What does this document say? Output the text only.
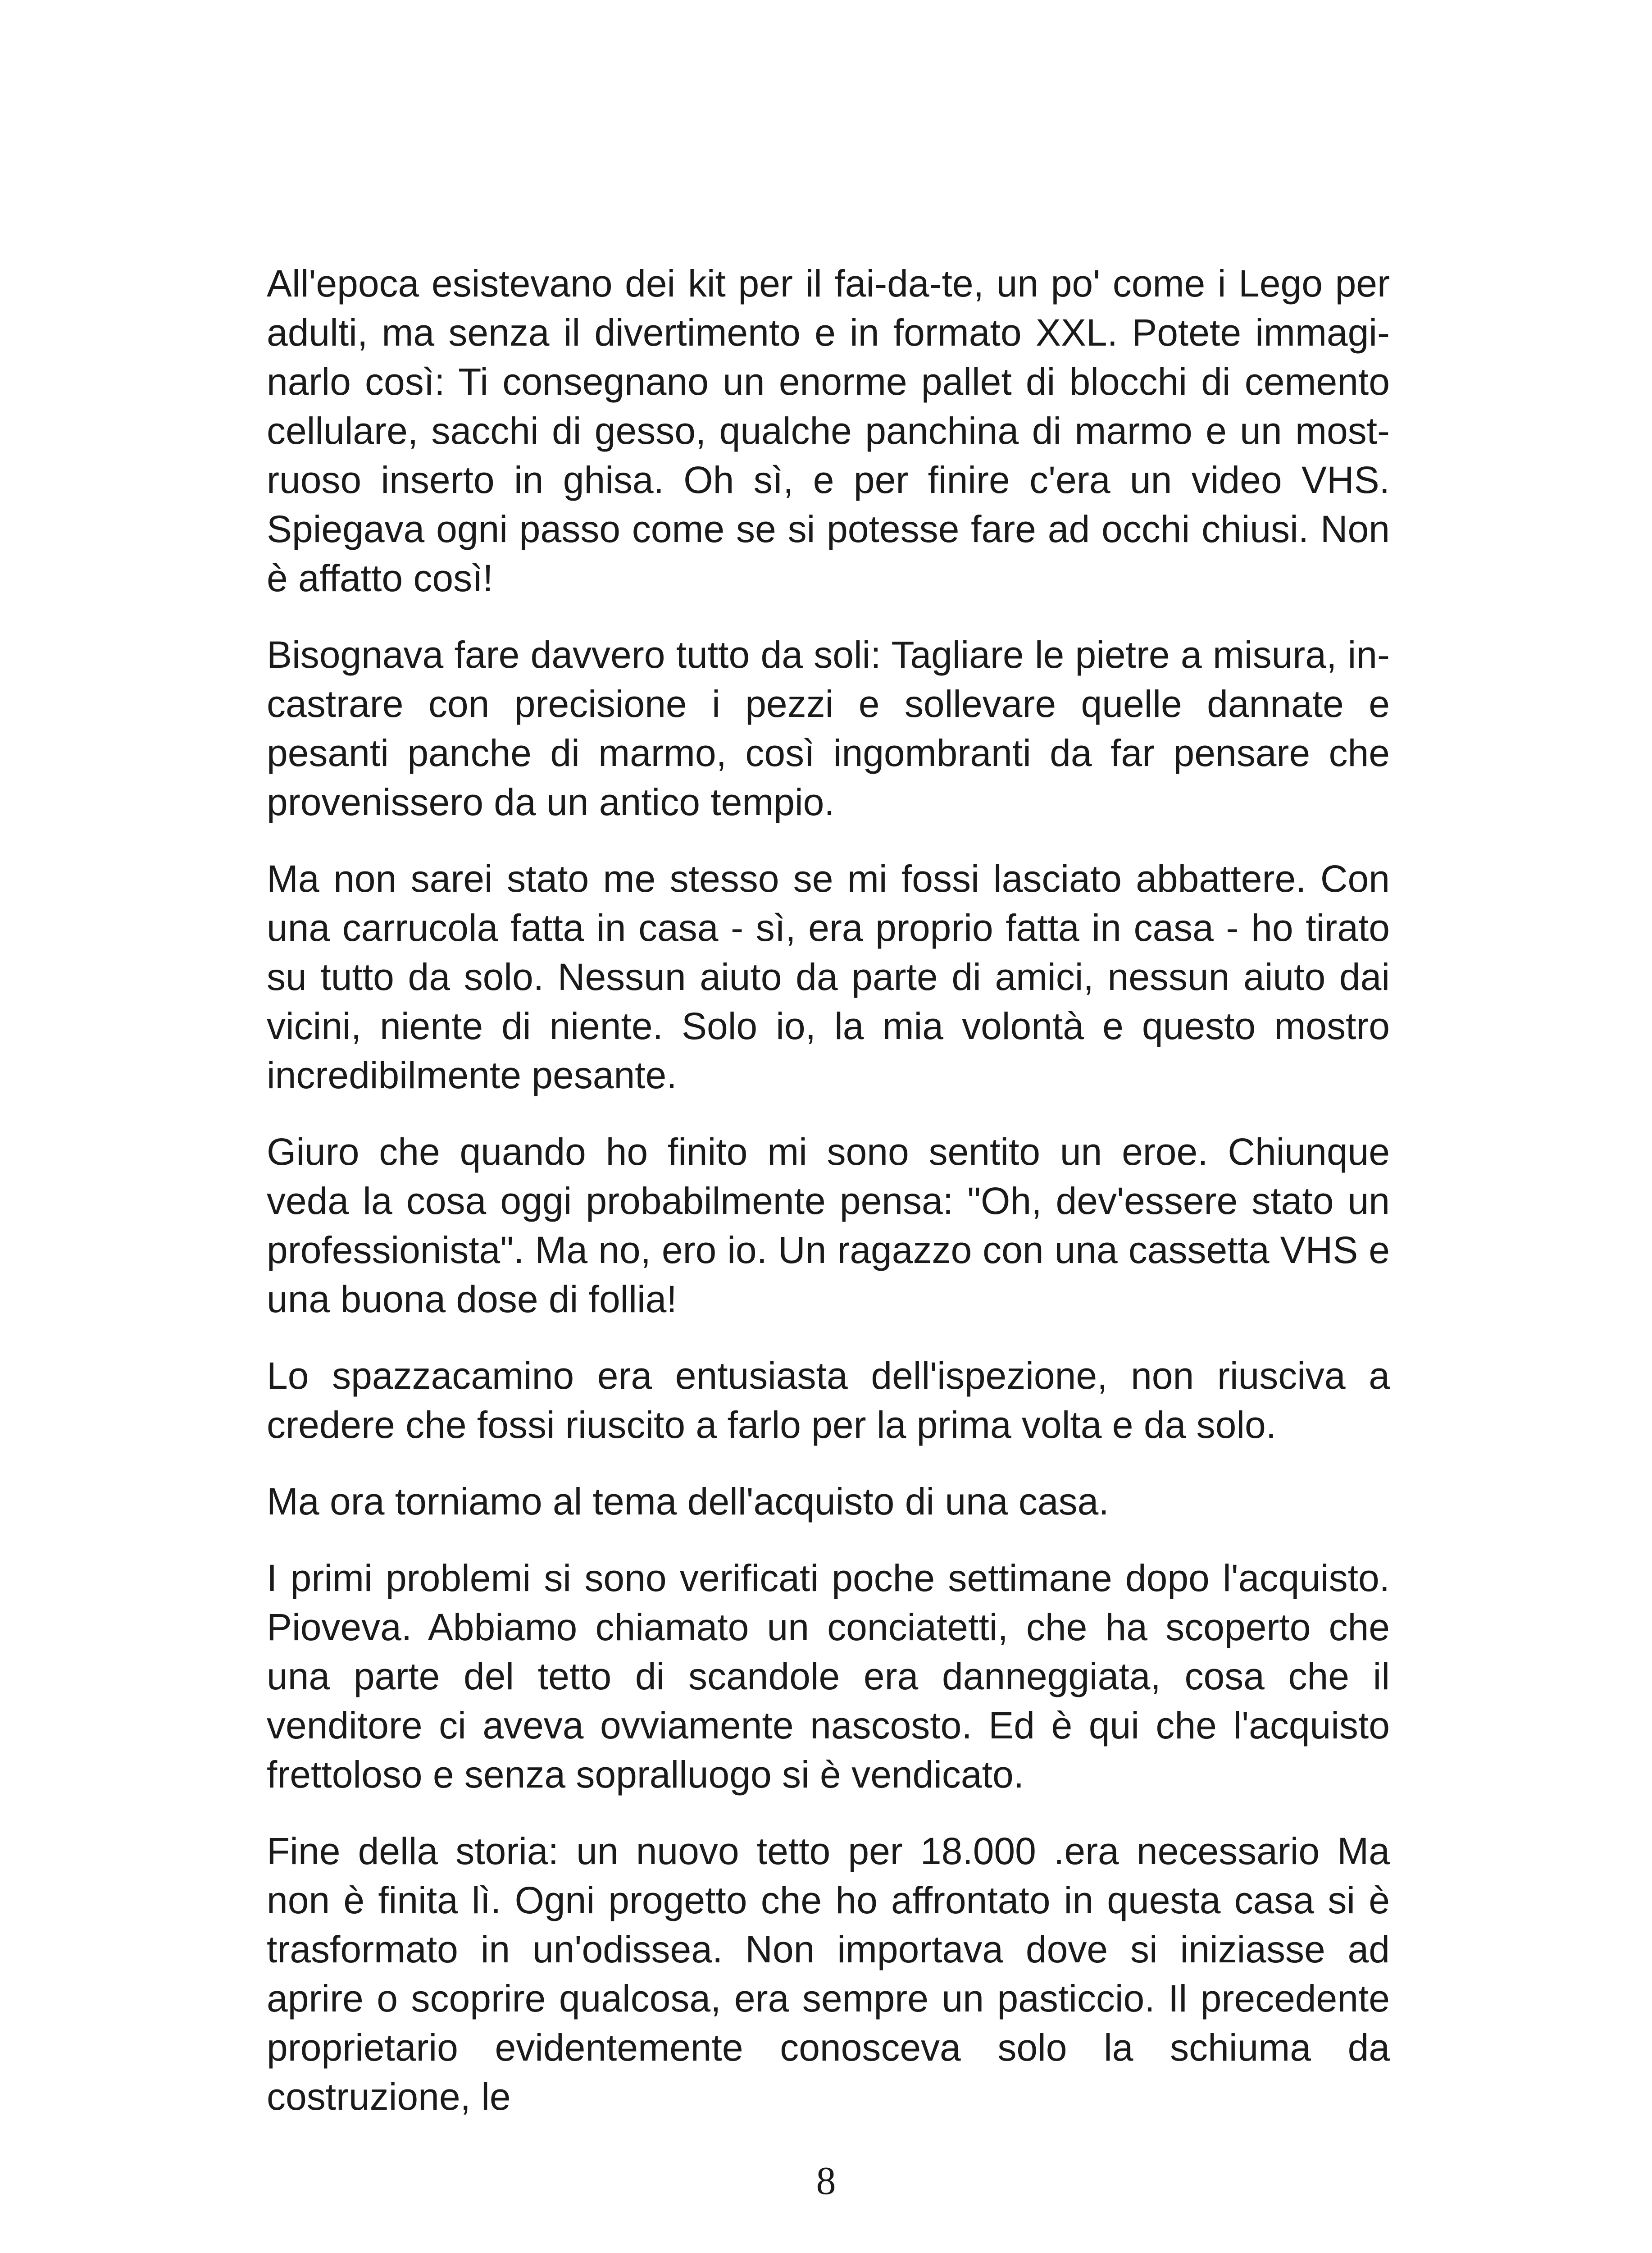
All'epoca esistevano dei kit per il fai-da-te, un po' come i Lego per adulti, ma senza il divertimento e in formato XXL. Potete immaginarlo così: Ti consegnano un enorme pallet di blocchi di cemento cellulare, sacchi di gesso, qualche panchina di marmo e un mostruoso inserto in ghisa. Oh sì, e per finire c'era un video VHS. Spiegava ogni passo come se si potesse fare ad occhi chiusi. Non è affatto così!

Bisognava fare davvero tutto da soli: Tagliare le pietre a misura, incastrare con precisione i pezzi e sollevare quelle dannate e pesanti panche di marmo, così ingombranti da far pensare che provenissero da un antico tempio.

Ma non sarei stato me stesso se mi fossi lasciato abbattere. Con una carrucola fatta in casa - sì, era proprio fatta in casa - ho tirato su tutto da solo. Nessun aiuto da parte di amici, nessun aiuto dai vicini, niente di niente. Solo io, la mia volontà e questo mostro incredibilmente pesante.

Giuro che quando ho finito mi sono sentito un eroe. Chiunque veda la cosa oggi probabilmente pensa: "Oh, dev'essere stato un professionista". Ma no, ero io. Un ragazzo con una cassetta VHS e una buona dose di follia!

Lo spazzacamino era entusiasta dell'ispezione, non riusciva a credere che fossi riuscito a farlo per la prima volta e da solo.

Ma ora torniamo al tema dell'acquisto di una casa.

I primi problemi si sono verificati poche settimane dopo l'acquisto. Pioveva. Abbiamo chiamato un conciatetti, che ha scoperto che una parte del tetto di scandole era danneggiata, cosa che il venditore ci aveva ovviamente nascosto. Ed è qui che l'acquisto frettoloso e senza sopralluogo si è vendicato.

Fine della storia: un nuovo tetto per 18.000 .era necessario Ma non è finita lì. Ogni progetto che ho affrontato in questa casa si è trasformato in un'odissea. Non importava dove si iniziasse ad aprire o scoprire qualcosa, era sempre un pasticcio. Il precedente proprietario evidentemente conosceva solo la schiuma da costruzione, le

8
